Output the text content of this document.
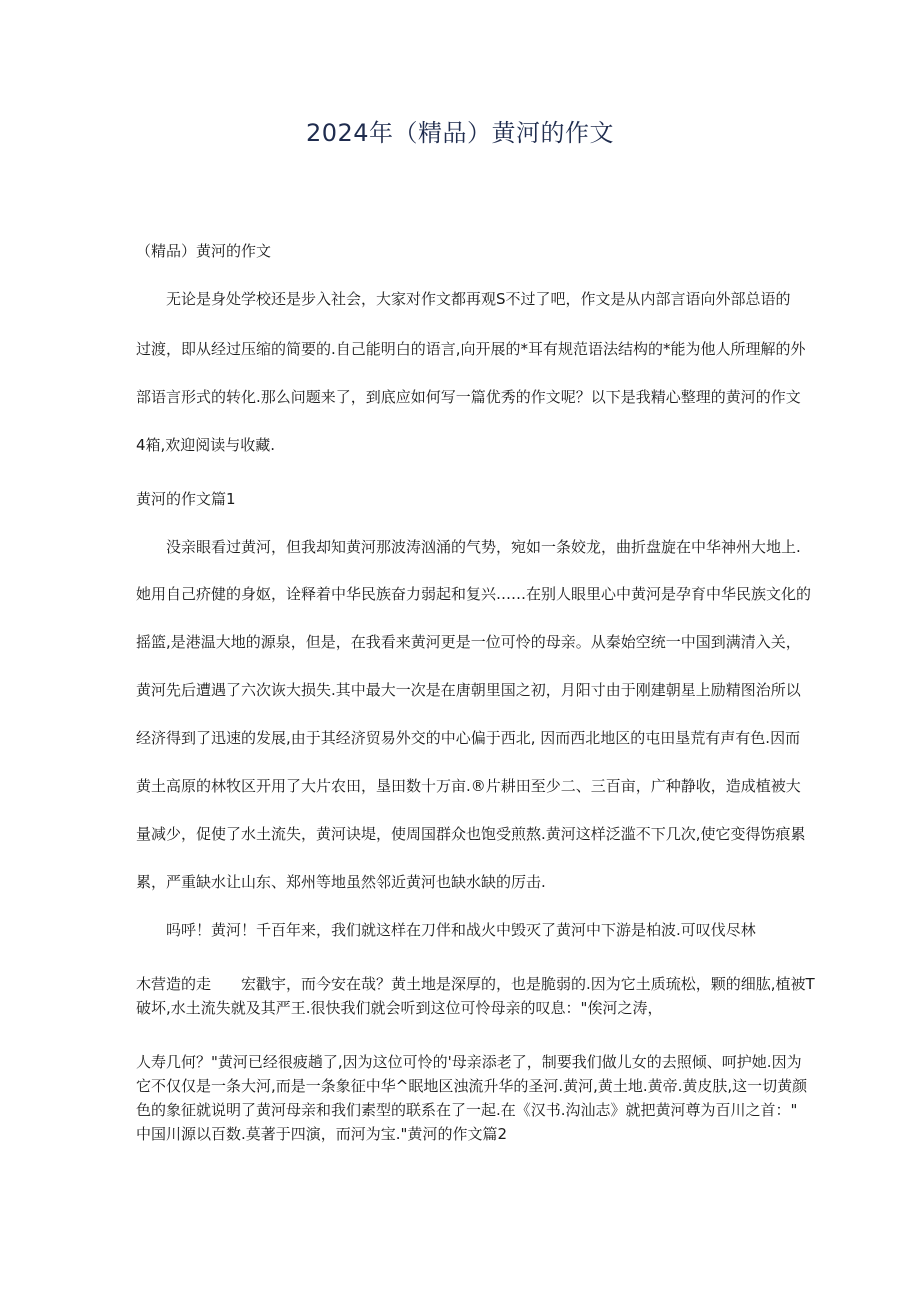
2024年（精品）黄河的作文
（精品）黄河的作文
无论是身处学校还是步入社会，大家对作文都再观S不过了吧，作文是从内部言语向外部总语的
过渡，即从经过压缩的简要的.自己能明白的语言,向开展的*耳有规范语法结构的*能为他人所理解的外
部语言形式的转化.那么问题来了，到底应如何写一篇优秀的作文呢？以下是我精心整理的黄河的作文
4箱,欢迎阅读与收藏.
黄河的作文篇1
没亲眼看过黄河，但我却知黄河那波涛汹涌的气势，宛如一条姣龙，曲折盘旋在中华神州大地上.
她用自己疥健的身妪，诠释着中华民族奋力弱起和复兴……在别人眼里心中黄河是孕育中华民族文化的
摇篮,是港温大地的源泉，但是，在我看来黄河更是一位可怜的母亲。从秦始空统一中国到满清入关，
黄河先后遭遇了六次诙大损失.其中最大一次是在唐朝里国之初，月阳寸由于刚建朝星上励精图治所以
经济得到了迅速的发展,由于其经济贸易外交的中心偏于西北, 因而西北地区的屯田垦荒有声有色.因而
黄土高原的林牧区开用了大片农田，垦田数十万亩.®片耕田至少二、三百亩，广种静收，造成植被大
量减少，促使了水土流失，黄河诀堤，使周国群众也饱受煎熬.黄河这样泛滥不下几次,使它变得饬痕累
累，严重缺水让山东、郑州等地虽然邻近黄河也缺水缺的厉击.
吗呼！黄河！千百年来，我们就这样在刀伴和战火中毁灭了黄河中下游是柏波.可叹伐尽林
木营造的走　　宏戳宇，而今安在哉？黄土地是深厚的，也是脆弱的.因为它土质琉松，颗的细肱,植被T
破坏,水土流失就及其严王.很快我们就会听到这位可怜母亲的叹息："俟河之涛，
人寿几何？"黄河已经很疲趟了,因为这位可怜的'母亲添老了，制要我们做儿女的去照倾、呵护她.因为
它不仅仅是一条大河,而是一条象征中华^眠地区浊流升华的圣河.黄河,黄土地.黄帝.黄皮肤,这一切黄颜
色的象征就说明了黄河母亲和我们素型的联系在了一起.在《汉书.沟汕志》就把黄河尊为百川之首："
中国川源以百数.莫著于四演，而河为宝."黄河的作文篇2
